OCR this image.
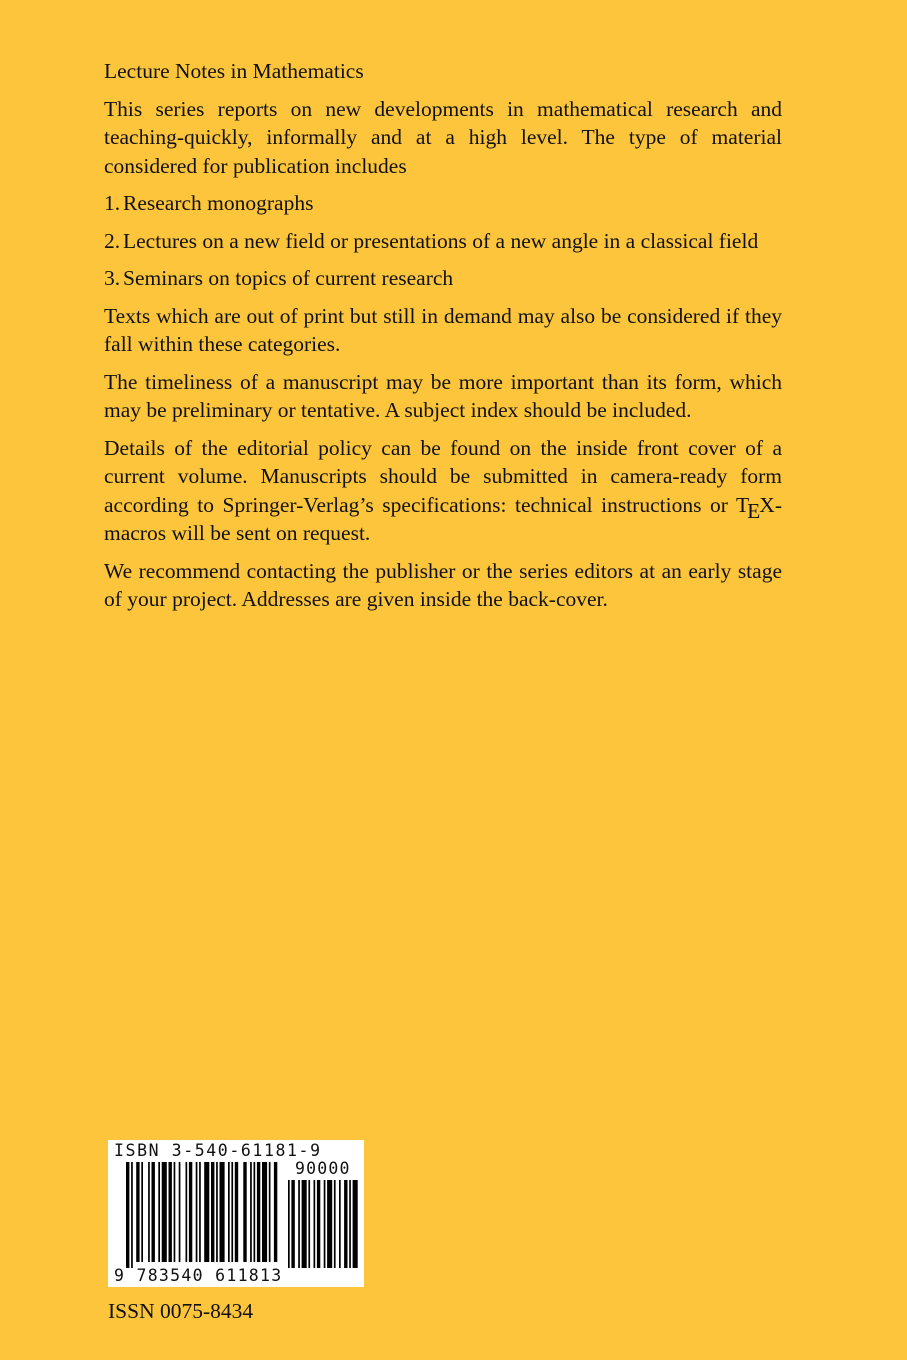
Lecture Notes in Mathematics

This series reports on new developments in mathematical research and teaching-quickly, informally and at a high level. The type of material considered for publication includes

1. Research monographs
2. Lectures on a new field or presentations of a new angle in a classical field
3. Seminars on topics of current research

Texts which are out of print but still in demand may also be considered if they fall within these categories.

The timeliness of a manuscript may be more important than its form, which may be preliminary or tentative. A subject index should be included.

Details of the editorial policy can be found on the inside front cover of a current volume. Manuscripts should be submitted in camera-ready form according to Springer-Verlag’s specifications: technical instructions or TEX-macros will be sent on request.

We recommend contacting the publisher or the series editors at an early stage of your project. Addresses are given inside the back-cover.

ISBN 3-540-61181-9
90000
9 783540 611813
ISSN 0075-8434
